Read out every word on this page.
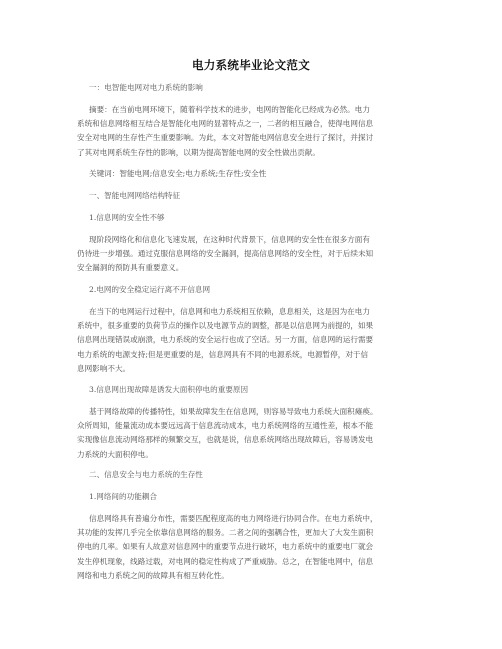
电力系统毕业论文范文
一：电智能电网对电力系统的影响
摘要：在当前电网环境下，随着科学技术的进步，电网的智能化已经成为必然。电力
系统和信息网络相互结合是智能化电网的显著特点之一，二者的相互融合，使得电网信息
安全对电网的生存性产生重要影响。为此，本文对智能电网信息安全进行了探讨，并探讨
了其对电网系统生存性的影响，以期为提高智能电网的安全性做出贡献。
关键词：智能电网;信息安全;电力系统;生存性;安全性
一、智能电网网络结构特征
1.信息网的安全性不够
现阶段网络化和信息化飞速发展，在这种时代背景下，信息网的安全性在很多方面有
仍待进一步增强。通过克服信息网络的安全漏洞，提高信息网络的安全性，对于后续未知
安全漏洞的预防具有重要意义。
2.电网的安全稳定运行离不开信息网
在当下的电网运行过程中，信息网和电力系统相互依赖，息息相关，这是因为在电力
系统中，很多重要的负荷节点的操作以及电源节点的调整，都是以信息网为前提的，如果
信息网出现错误或崩溃，电力系统的安全运行也成了空话。另一方面，信息网的运行需要
电力系统的电源支持;但是更重要的是，信息网具有不同的电源系统，电源暂停，对于信
息网影响不大。
3.信息网出现故障是诱发大面积停电的重要原因
基于网络故障的传播特性，如果故障发生在信息网，则容易导致电力系统大面积瘫痪。
众所周知，能量流动成本要远远高于信息流动成本，电力系统网络的互通性差，根本不能
实现像信息流动网络那样的频繁交互，也就是说，信息系统网络出现故障后，容易诱发电
力系统的大面积停电。
二、信息安全与电力系统的生存性
1.网络间的功能耦合
信息网络具有普遍分布性，需要匹配程度高的电力网络进行协同合作。在电力系统中，
其功能的发挥几乎完全依靠信息网络的服务。二者之间的强耦合性，更加大了大发生面积
停电的几率。如果有人故意对信息网中的重要节点进行破坏，电力系统中的重要电厂就会
发生停机现象，线路过载，对电网的稳定性构成了严重威胁。总之，在智能电网中，信息
网络和电力系统之间的故障具有相互转化性。
